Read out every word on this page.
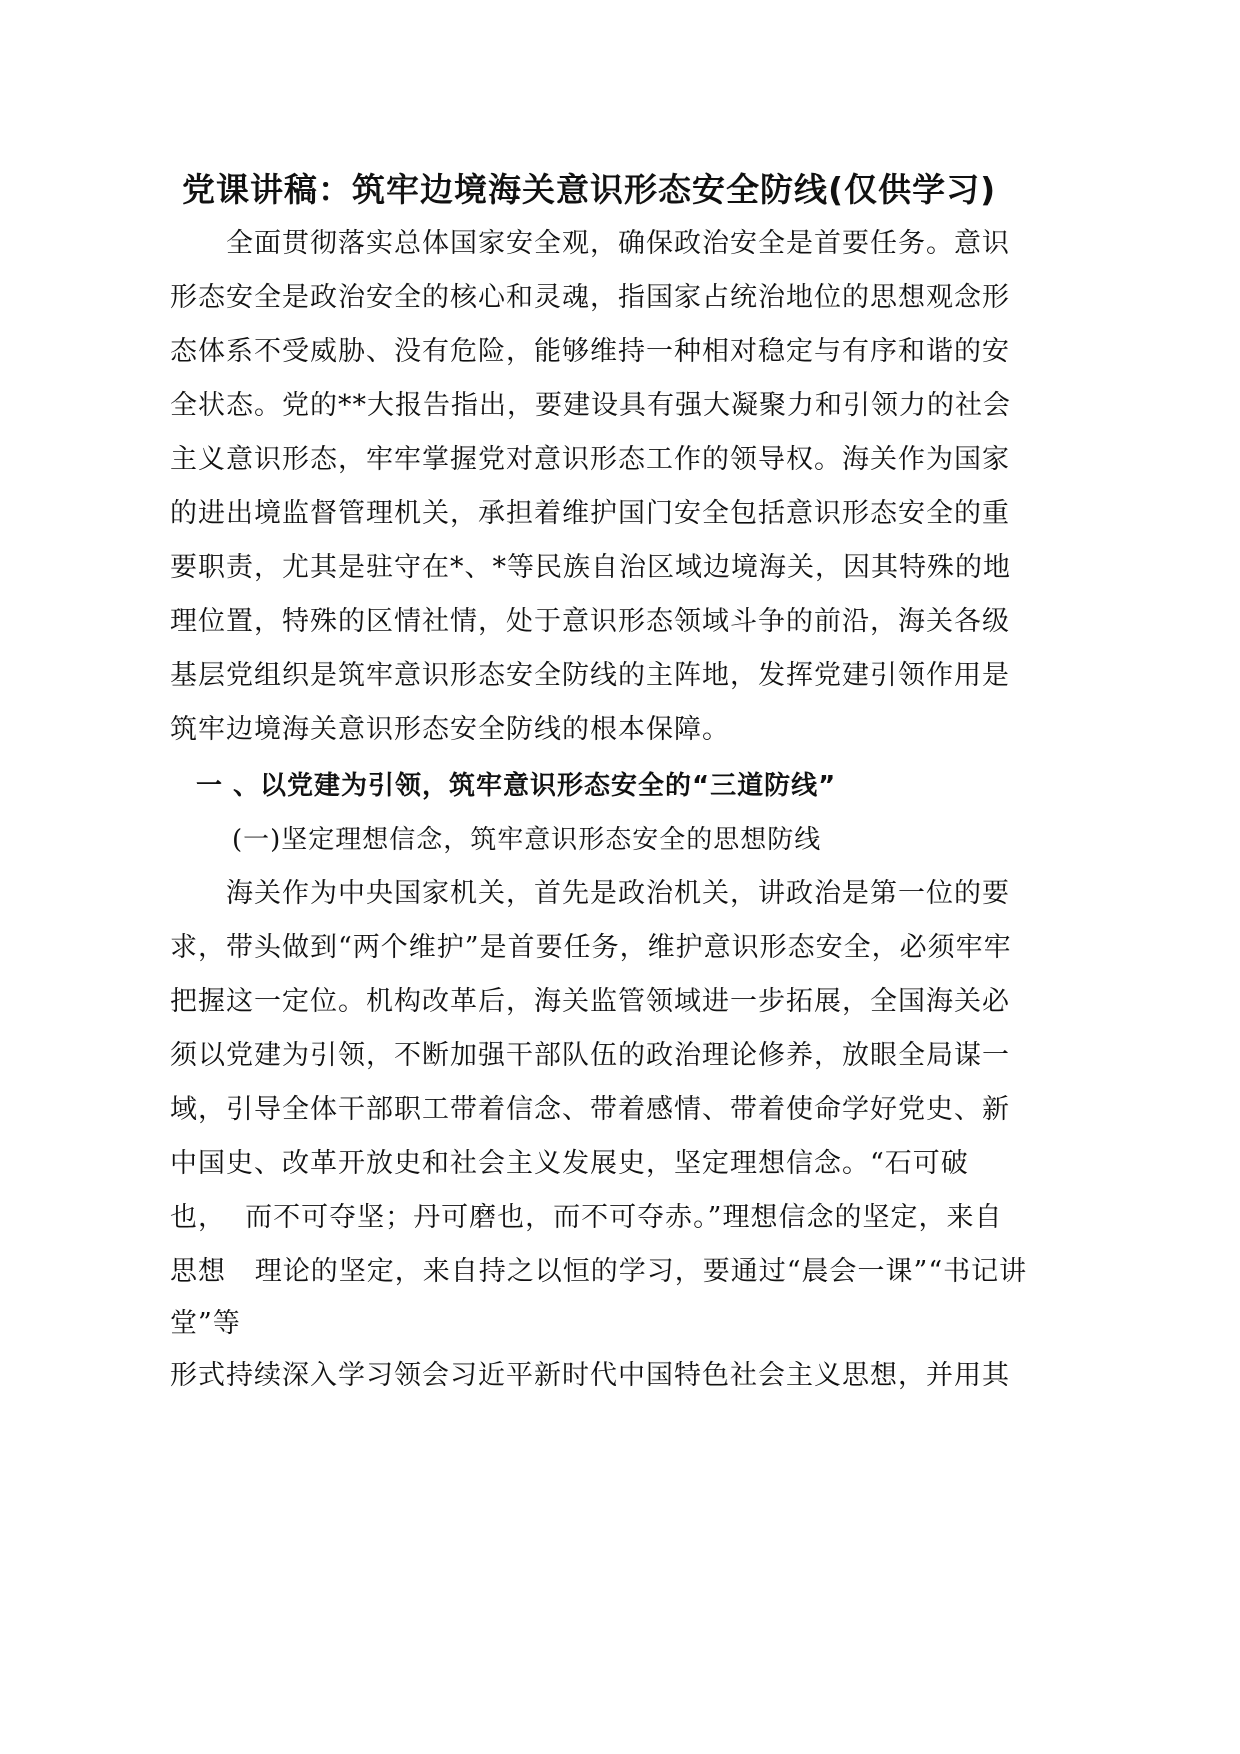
党课讲稿：筑牢边境海关意识形态安全防线(仅供学习)
全面贯彻落实总体国家安全观，确保政治安全是首要任务。意识
形态安全是政治安全的核心和灵魂，指国家占统治地位的思想观念形
态体系不受威胁、没有危险，能够维持一种相对稳定与有序和谐的安
全状态。党的**大报告指出，要建设具有强大凝聚力和引领力的社会
主义意识形态，牢牢掌握党对意识形态工作的领导权。海关作为国家
的进出境监督管理机关，承担着维护国门安全包括意识形态安全的重
要职责，尤其是驻守在*、*等民族自治区域边境海关，因其特殊的地
理位置，特殊的区情社情，处于意识形态领域斗争的前沿，海关各级
基层党组织是筑牢意识形态安全防线的主阵地，发挥党建引领作用是
筑牢边境海关意识形态安全防线的根本保障。
一 、以党建为引领，筑牢意识形态安全的“三道防线”
(一)坚定理想信念，筑牢意识形态安全的思想防线
海关作为中央国家机关，首先是政治机关，讲政治是第一位的要
求，带头做到“两个维护”是首要任务，维护意识形态安全，必须牢牢
把握这一定位。机构改革后，海关监管领域进一步拓展，全国海关必
须以党建为引领，不断加强干部队伍的政治理论修养，放眼全局谋一
域，引导全体干部职工带着信念、带着感情、带着使命学好党史、新
中国史、改革开放史和社会主义发展史，坚定理想信念。“石可破
也，  而不可夺坚；丹可磨也，而不可夺赤。”理想信念的坚定，来自
思想   理论的坚定，来自持之以恒的学习，要通过“晨会一课”“书记讲
堂”等
形式持续深入学习领会习近平新时代中国特色社会主义思想，并用其
